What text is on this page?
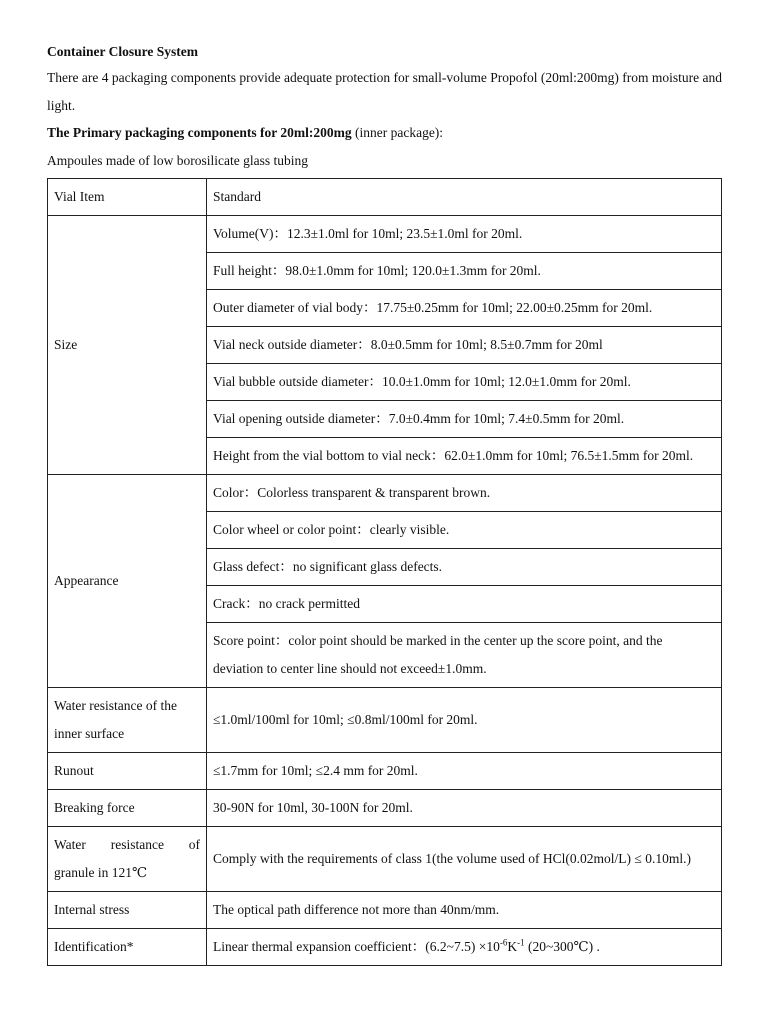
Container Closure System

There are 4 packaging components provide adequate protection for small-volume Propofol (20ml:200mg) from moisture and light.

The Primary packaging components for 20ml:200mg (inner package):

Ampoules made of low borosilicate glass tubing

Vial Item	Standard
Size	Volume(V)：12.3±1.0ml for 10ml; 23.5±1.0ml for 20ml.
	Full height：98.0±1.0mm for 10ml; 120.0±1.3mm for 20ml.
	Outer diameter of vial body：17.75±0.25mm for 10ml; 22.00±0.25mm for 20ml.
	Vial neck outside diameter：8.0±0.5mm for 10ml; 8.5±0.7mm for 20ml
	Vial bubble outside diameter：10.0±1.0mm for 10ml; 12.0±1.0mm for 20ml.
	Vial opening outside diameter：7.0±0.4mm for 10ml; 7.4±0.5mm for 20ml.
	Height from the vial bottom to vial neck：62.0±1.0mm for 10ml; 76.5±1.5mm for 20ml.
Appearance	Color：Colorless transparent & transparent brown.
	Color wheel or color point：clearly visible.
	Glass defect：no significant glass defects.
	Crack：no crack permitted
	Score point：color point should be marked in the center up the score point, and the deviation to center line should not exceed±1.0mm.
Water resistance of the inner surface	≤1.0ml/100ml for 10ml; ≤0.8ml/100ml for 20ml.
Runout	≤1.7mm for 10ml; ≤2.4 mm for 20ml.
Breaking force	30-90N for 10ml, 30-100N for 20ml.

Water resistance of
granule in 121℃	Comply with the requirements of class 1(the volume used of HCl(0.02mol/L) ≤ 0.10ml.)
Internal stress	The optical path difference not more than 40nm/mm.
Identification*	Linear thermal expansion coefficient：(6.2~7.5) $\times 10^{-6}K^{-1}$ (20~300℃) .
